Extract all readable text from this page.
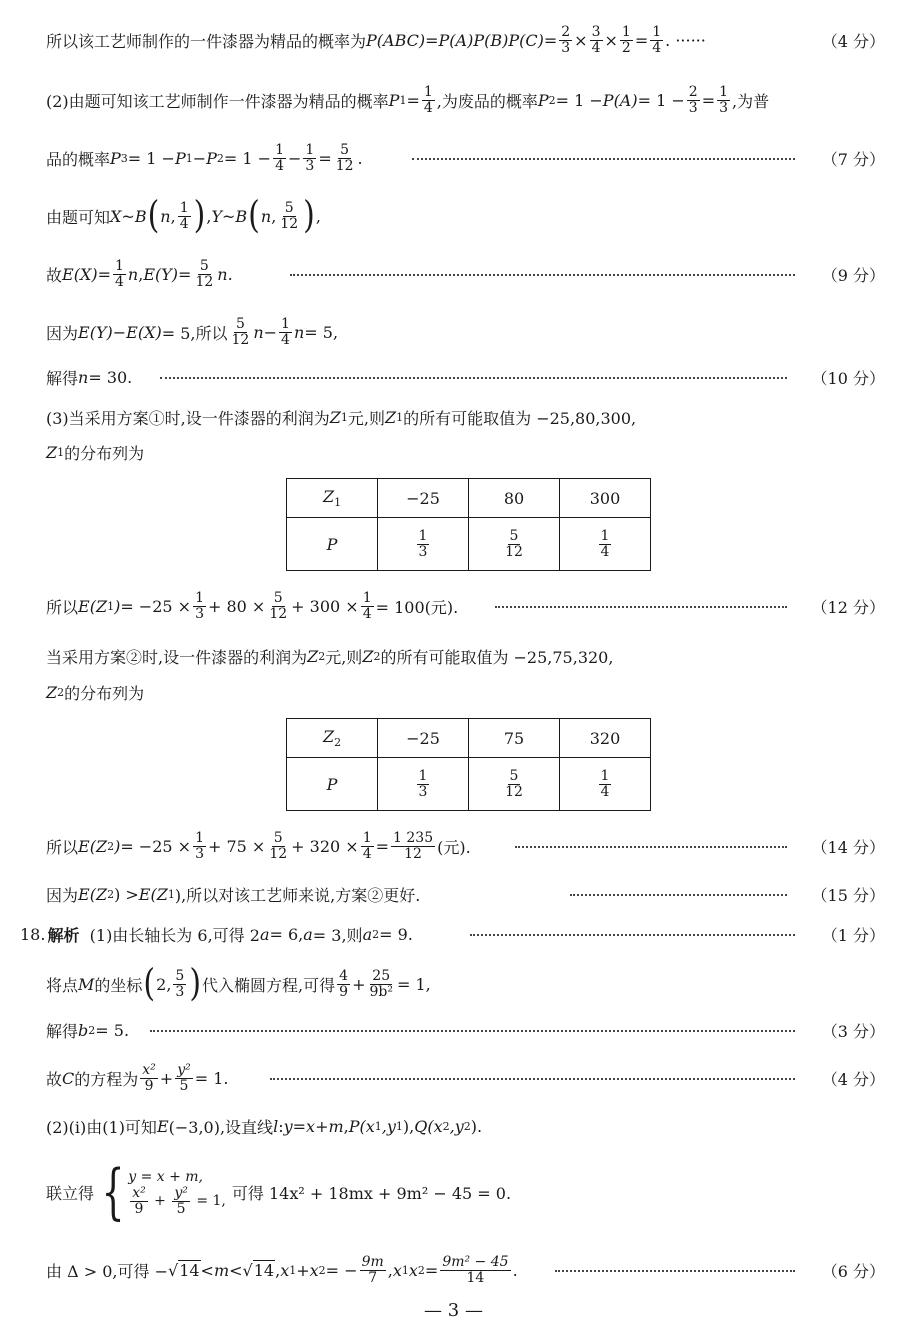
所以该工艺师制作的一件漆器为精品的概率为 $P(ABC) = P(A)P(B)P(C) = \frac{2}{3} \times \frac{3}{4} \times \frac{1}{2} = \frac{1}{4}$ . ······	（4 分）
(2)由题可知该工艺师制作一件漆器为精品的概率 P $1 = \frac{1}{4}$ ,为废品的概率 P $2 = 1 - P(A) = 1 - \frac{2}{3} = \frac{1}{3}$ ,为普
品的概率 P 3 = 1 − P 1 − P $2 = 1 - \frac{1}{4} - \frac{1}{3} = \frac{5}{12}$ .	（7 分）
由题可知 X ~ B ( n , $\frac{1}{4}$ ) , Y ~ B ( n , $\frac{5}{12}$ ) ,
故 $E(X) = \frac{1}{4}$ n , $E(Y) = \frac{5}{12}$ n .	（9 分）
因为 E(Y) − E(X) = 5,所以 $\frac{5}{12}$ $n - \frac{1}{4}$ n = 5,
解得 n = 30.	（10 分）
(3)当采用方案①时,设一件漆器的利润为 Z 1 元,则 Z 1 的所有可能取值为 −25,80,300,
Z 1 的分布列为
$Z_1$	−25	80	300
P	$\frac{1}{3}$	$\frac{5}{12}$	$\frac{1}{4}$
所以 E(Z 1 ) = $-25 \times \frac{1}{3} + 80 \times \frac{5}{12} + 300 \times \frac{1}{4} = 100$(元).	（12 分）
当采用方案②时,设一件漆器的利润为 Z 2 元,则 Z 2 的所有可能取值为 −25,75,320,
Z 2 的分布列为
$Z_2$	−25	75	320
P	$\frac{1}{3}$	$\frac{5}{12}$	$\frac{1}{4}$
所以 E(Z 2 ) = $-25 \times \frac{1}{3} + 75 \times \frac{5}{12} + 320 \times \frac{1}{4} = \frac{1 235}{12}$ (元).	（14 分）
因为 E(Z 2 ) > E(Z 1 ),所以对该工艺师来说,方案②更好.	（15 分）
18. 解析 (1)由长轴长为 6,可得 2 a = 6, a = 3,则 a 2 = 9.	（1 分）
将点 M 的坐标 ( 2, $\frac{5}{3}$ ) 代入椭圆方程,可得 $\frac{4}{9} + \frac{25}{\text{9b²}} = 1$,
解得 b 2 = 5.	（3 分）
故 C 的方程为 $\frac{\text{x²}}{9} + \frac{\text{y²}}{5} = 1$.	（4 分）
(2)(ⅰ)由(1)可知 E (−3,0),设直线 l : y = x + m , P (x 1 ,y 1 ), Q (x 2 ,y 2 ).
联立得 { y = x + m,
$\frac{\text{x²}}{9} + \frac{\text{y²}}{5} = 1$, 可得 14x² + 18mx + 9m² − 45 = 0.
由 Δ > 0,可得 − √14 < m < √14 , x 1 + x 2 = − $\frac{9m}{7}$ , x 1 x $2 = \frac{\text{9m² − 45}}{14}$ .	（6 分）
— 3 —
